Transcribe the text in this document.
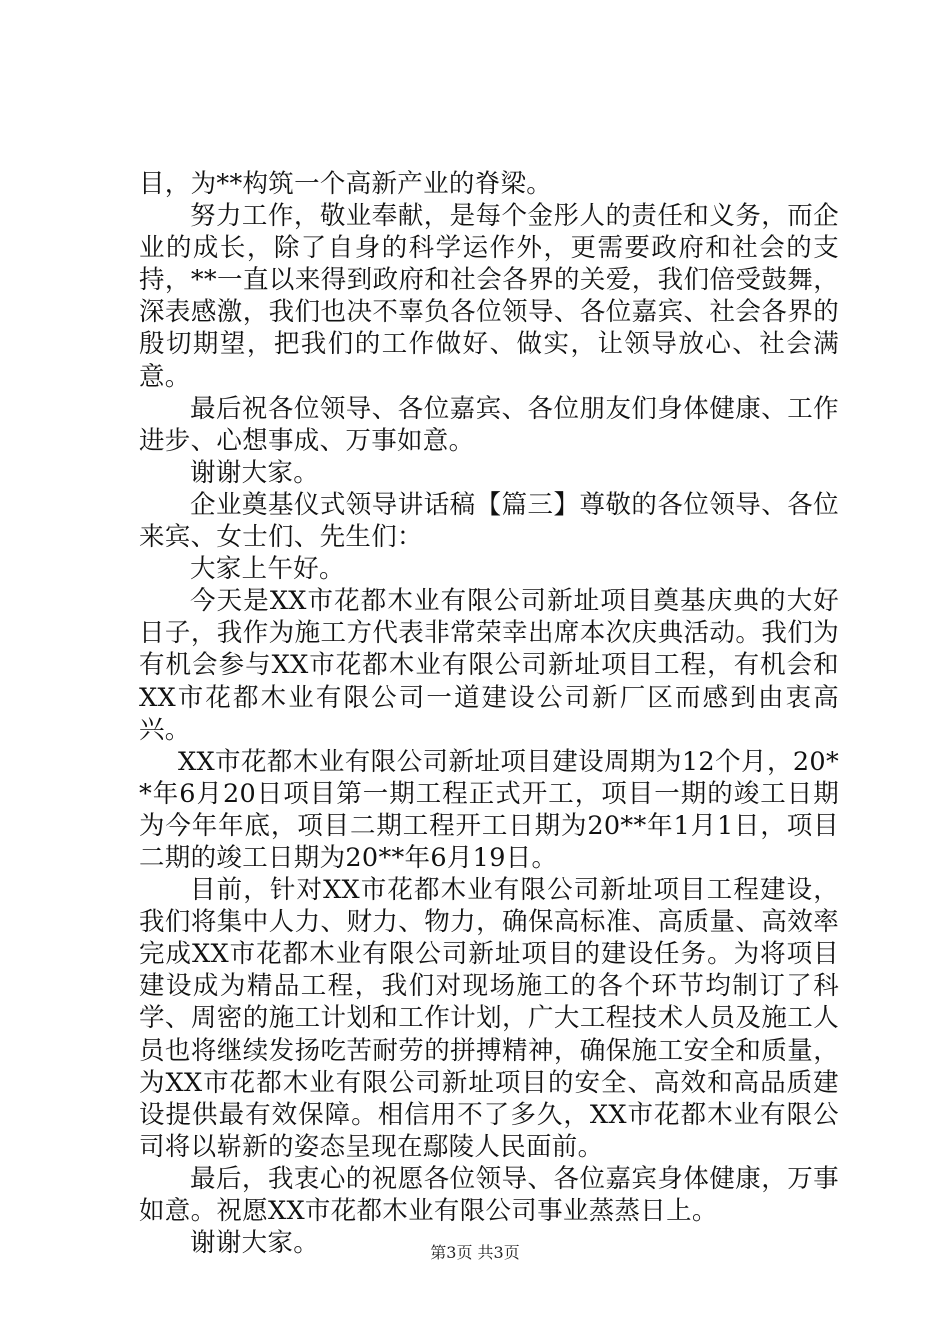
目，为**构筑一个高新产业的脊梁。

努力工作，敬业奉献，是每个金彤人的责任和义务，而企业的成长，除了自身的科学运作外，更需要政府和社会的支持，**一直以来得到政府和社会各界的关爱，我们倍受鼓舞，深表感激，我们也决不辜负各位领导、各位嘉宾、社会各界的殷切期望，把我们的工作做好、做实，让领导放心、社会满意。

最后祝各位领导、各位嘉宾、各位朋友们身体健康、工作进步、心想事成、万事如意。

谢谢大家。

企业奠基仪式领导讲话稿【篇三】尊敬的各位领导、各位来宾、女士们、先生们：

大家上午好。

今天是XX市花都木业有限公司新址项目奠基庆典的大好日子，我作为施工方代表非常荣幸出席本次庆典活动。我们为有机会参与XX市花都木业有限公司新址项目工程，有机会和XX市花都木业有限公司一道建设公司新厂区而感到由衷高兴。

XX市花都木业有限公司新址项目建设周期为12个月，20**年6月20日项目第一期工程正式开工，项目一期的竣工日期为今年年底，项目二期工程开工日期为20**年1月1日，项目二期的竣工日期为20**年6月19日。

目前，针对XX市花都木业有限公司新址项目工程建设，我们将集中人力、财力、物力，确保高标准、高质量、高效率完成XX市花都木业有限公司新址项目的建设任务。为将项目建设成为精品工程，我们对现场施工的各个环节均制订了科学、周密的施工计划和工作计划，广大工程技术人员及施工人员也将继续发扬吃苦耐劳的拼搏精神，确保施工安全和质量，为XX市花都木业有限公司新址项目的安全、高效和高品质建设提供最有效保障。相信用不了多久，XX市花都木业有限公司将以崭新的姿态呈现在鄢陵人民面前。

最后，我衷心的祝愿各位领导、各位嘉宾身体健康，万事如意。祝愿XX市花都木业有限公司事业蒸蒸日上。

谢谢大家。	第3页 共3页
